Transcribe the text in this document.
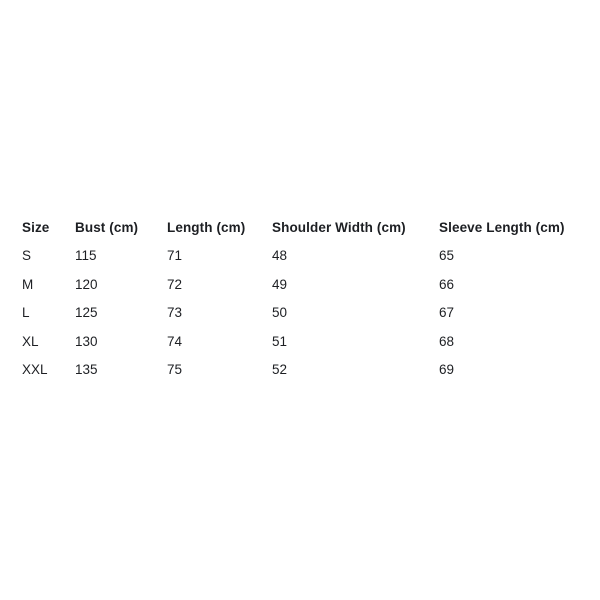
Size	Bust (cm)	Length (cm)	Shoulder Width (cm)	Sleeve Length (cm)
S	115	71	48	65
M	120	72	49	66
L	125	73	50	67
XL	130	74	51	68
XXL	135	75	52	69
